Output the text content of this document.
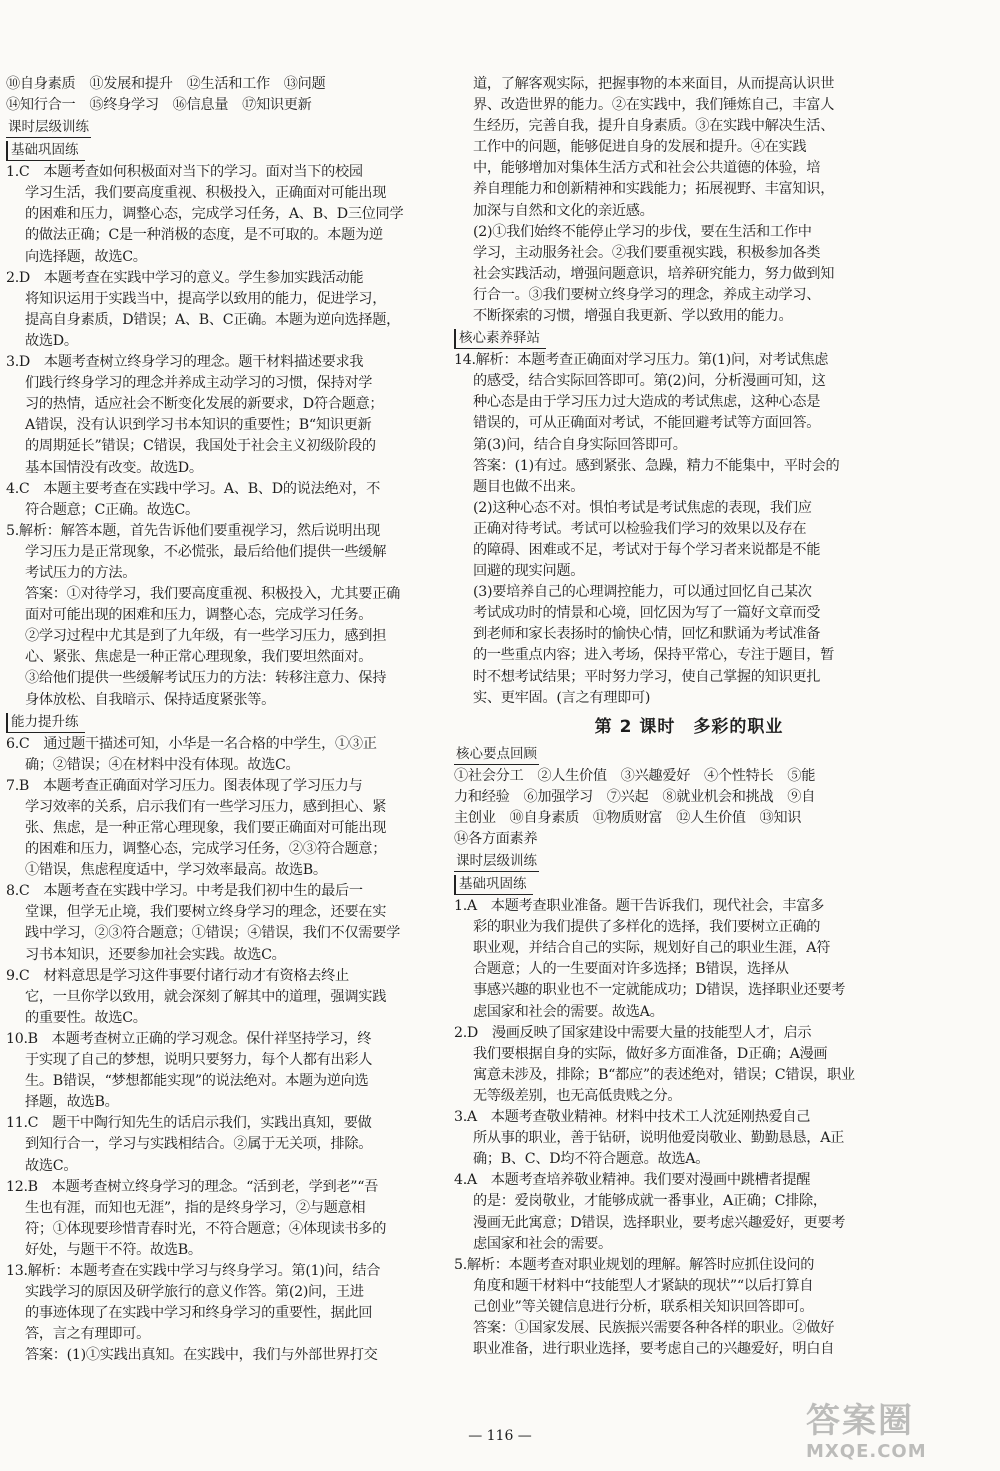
⑩自身素质　⑪发展和提升　⑫生活和工作　⑬问题
⑭知行合一　⑮终身学习　⑯信息量　⑰知识更新
课时层级训练
基础巩固练
1.C　本题考查如何积极面对当下的学习。面对当下的校园
学习生活，我们要高度重视、积极投入，正确面对可能出现
的困难和压力，调整心态，完成学习任务，A、B、D三位同学
的做法正确；C是一种消极的态度，是不可取的。本题为逆
向选择题，故选C。
2.D　本题考查在实践中学习的意义。学生参加实践活动能
将知识运用于实践当中，提高学以致用的能力，促进学习，
提高自身素质，D错误；A、B、C正确。本题为逆向选择题，
故选D。
3.D　本题考查树立终身学习的理念。题干材料描述要求我
们践行终身学习的理念并养成主动学习的习惯，保持对学
习的热情，适应社会不断变化发展的新要求，D符合题意；
A错误，没有认识到学习书本知识的重要性；B“知识更新
的周期延长”错误；C错误，我国处于社会主义初级阶段的
基本国情没有改变。故选D。
4.C　本题主要考查在实践中学习。A、B、D的说法绝对，不
符合题意；C正确。故选C。
5.解析：解答本题，首先告诉他们要重视学习，然后说明出现
学习压力是正常现象，不必慌张，最后给他们提供一些缓解
考试压力的方法。
答案：①对待学习，我们要高度重视、积极投入，尤其要正确
面对可能出现的困难和压力，调整心态，完成学习任务。
②学习过程中尤其是到了九年级，有一些学习压力，感到担
心、紧张、焦虑是一种正常心理现象，我们要坦然面对。
③给他们提供一些缓解考试压力的方法：转移注意力、保持
身体放松、自我暗示、保持适度紧张等。
能力提升练
6.C　通过题干描述可知，小华是一名合格的中学生，①③正
确；②错误；④在材料中没有体现。故选C。
7.B　本题考查正确面对学习压力。图表体现了学习压力与
学习效率的关系，启示我们有一些学习压力，感到担心、紧
张、焦虑，是一种正常心理现象，我们要正确面对可能出现
的困难和压力，调整心态，完成学习任务，②③符合题意；
①错误，焦虑程度适中，学习效率最高。故选B。
8.C　本题考查在实践中学习。中考是我们初中生的最后一
堂课，但学无止境，我们要树立终身学习的理念，还要在实
践中学习，②③符合题意；①错误；④错误，我们不仅需要学
习书本知识，还要参加社会实践。故选C。
9.C　材料意思是学习这件事要付诸行动才有资格去终止
它，一旦你学以致用，就会深刻了解其中的道理，强调实践
的重要性。故选C。
10.B　本题考查树立正确的学习观念。保什祥坚持学习，终
于实现了自己的梦想，说明只要努力，每个人都有出彩人
生。B错误，“梦想都能实现”的说法绝对。本题为逆向选
择题，故选B。
11.C　题干中陶行知先生的话启示我们，实践出真知，要做
到知行合一，学习与实践相结合。②属于无关项，排除。
故选C。
12.B　本题考查树立终身学习的理念。“活到老，学到老”“吾
生也有涯，而知也无涯”，指的是终身学习，②与题意相
符；①体现要珍惜青春时光，不符合题意；④体现读书多的
好处，与题干不符。故选B。
13.解析：本题考查在实践中学习与终身学习。第(1)问，结合
实践学习的原因及研学旅行的意义作答。第(2)问，王进
的事迹体现了在实践中学习和终身学习的重要性，据此回
答，言之有理即可。
答案：(1)①实践出真知。在实践中，我们与外部世界打交
道，了解客观实际，把握事物的本来面目，从而提高认识世
界、改造世界的能力。②在实践中，我们锤炼自己，丰富人
生经历，完善自我，提升自身素质。③在实践中解决生活、
工作中的问题，能够促进自身的发展和提升。④在实践
中，能够增加对集体生活方式和社会公共道德的体验，培
养自理能力和创新精神和实践能力；拓展视野、丰富知识，
加深与自然和文化的亲近感。
(2)①我们始终不能停止学习的步伐，要在生活和工作中
学习，主动服务社会。②我们要重视实践，积极参加各类
社会实践活动，增强问题意识，培养研究能力，努力做到知
行合一。③我们要树立终身学习的理念，养成主动学习、
不断探索的习惯，增强自我更新、学以致用的能力。
核心素养驿站
14.解析：本题考查正确面对学习压力。第(1)问，对考试焦虑
的感受，结合实际回答即可。第(2)问，分析漫画可知，这
种心态是由于学习压力过大造成的考试焦虑，这种心态是
错误的，可从正确面对考试，不能回避考试等方面回答。
第(3)问，结合自身实际回答即可。
答案：(1)有过。感到紧张、急躁，精力不能集中，平时会的
题目也做不出来。
(2)这种心态不对。惧怕考试是考试焦虑的表现，我们应
正确对待考试。考试可以检验我们学习的效果以及存在
的障碍、困难或不足，考试对于每个学习者来说都是不能
回避的现实问题。
(3)要培养自己的心理调控能力，可以通过回忆自己某次
考试成功时的情景和心境，回忆因为写了一篇好文章而受
到老师和家长表扬时的愉快心情，回忆和默诵为考试准备
的一些重点内容；进入考场，保持平常心，专注于题目，暂
时不想考试结果；平时努力学习，使自己掌握的知识更扎
实、更牢固。(言之有理即可)
第 2 课时　多彩的职业
核心要点回顾
①社会分工　②人生价值　③兴趣爱好　④个性特长　⑤能
力和经验　⑥加强学习　⑦兴起　⑧就业机会和挑战　⑨自
主创业　⑩自身素质　⑪物质财富　⑫人生价值　⑬知识
⑭各方面素养
课时层级训练
基础巩固练
1.A　本题考查职业准备。题干告诉我们，现代社会，丰富多
彩的职业为我们提供了多样化的选择，我们要树立正确的
职业观，并结合自己的实际，规划好自己的职业生涯，A符
合题意；人的一生要面对许多选择；B错误，选择从
事感兴趣的职业也不一定就能成功；D错误，选择职业还要考
虑国家和社会的需要。故选A。
2.D　漫画反映了国家建设中需要大量的技能型人才，启示
我们要根据自身的实际，做好多方面准备，D正确；A漫画
寓意未涉及，排除；B“都应”的表述绝对，错误；C错误，职业
无等级差别，也无高低贵贱之分。
3.A　本题考查敬业精神。材料中技术工人沈延刚热爱自己
所从事的职业，善于钻研，说明他爱岗敬业、勤勤恳恳，A正
确；B、C、D均不符合题意。故选A。
4.A　本题考查培养敬业精神。我们要对漫画中跳槽者提醒
的是：爱岗敬业，才能够成就一番事业，A正确；C排除，
漫画无此寓意；D错误，选择职业，要考虑兴趣爱好，更要考
虑国家和社会的需要。
5.解析：本题考查对职业规划的理解。解答时应抓住设问的
角度和题干材料中“技能型人才紧缺的现状”“以后打算自
己创业”等关键信息进行分析，联系相关知识回答即可。
答案：①国家发展、民族振兴需要各种各样的职业。②做好
职业准备，进行职业选择，要考虑自己的兴趣爱好，明白自
— 116 —	答案圈
MXQE.COM
